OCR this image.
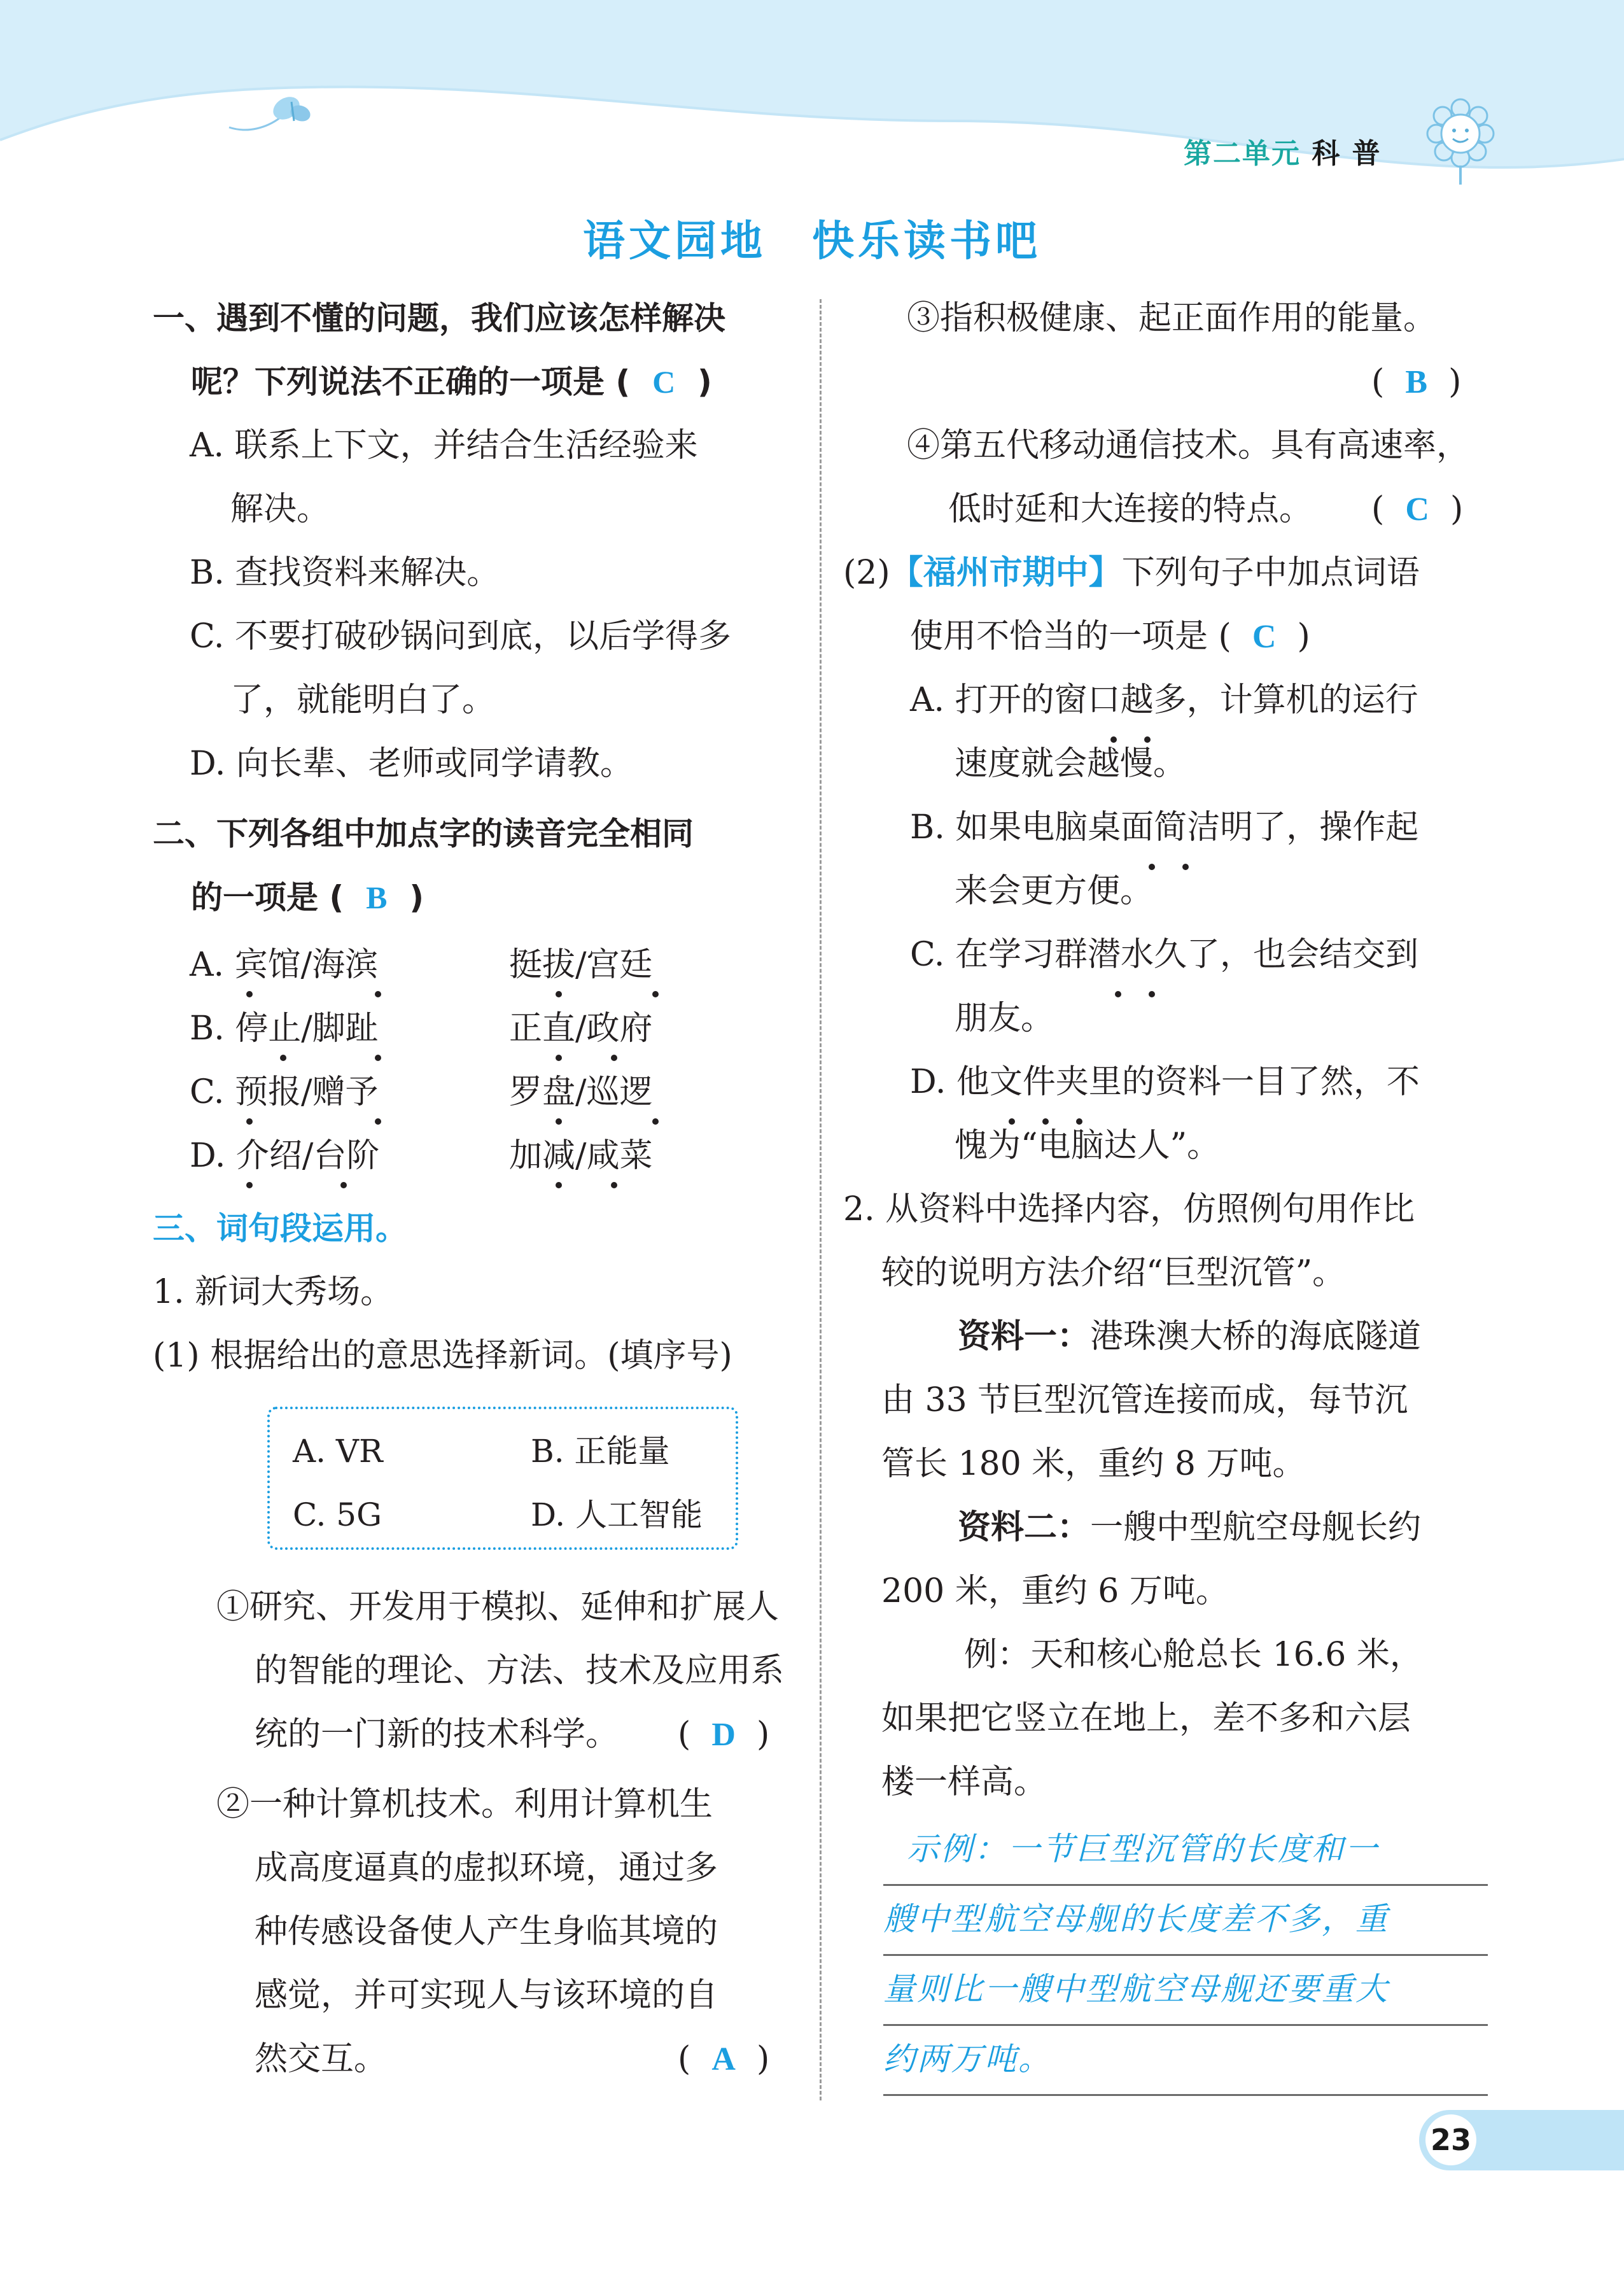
第二单元 科 普
语文园地　快乐读书吧
一、遇到不懂的问题，我们应该怎样解决
呢？下列说法不正确的一项是 (  C  )
A. 联系上下文，并结合生活经验来
解决。
B. 查找资料来解决。
C. 不要打破砂锅问到底，以后学得多
了，就能明白了。
D. 向长辈、老师或同学请教。
二、下列各组中加点字的读音完全相同
的一项是 (  B  )
A. 宾馆/海滨	挺拔/宫廷
B. 停止/脚趾	正直/政府
C. 预报/赠予	罗盘/巡逻
D. 介绍/台阶	加减/咸菜
三、词句段运用。
1. 新词大秀场。
(1) 根据给出的意思选择新词。(填序号)
A. VR	B. 正能量
C. 5G	D. 人工智能
①研究、开发用于模拟、延伸和扩展人
的智能的理论、方法、技术及应用系
统的一门新的技术科学。 (  D  )
②一种计算机技术。利用计算机生
成高度逼真的虚拟环境，通过多
种传感设备使人产生身临其境的
感觉，并可实现人与该环境的自
然交互。	(  A  )
③指积极健康、起正面作用的能量。
(  B  )
④第五代移动通信技术。具有高速率，
低时延和大连接的特点。 (  C  )
(2)【福州市期中】下列句子中加点词语
使用不恰当的一项是 (  C  )
A. 打开的窗口越多，计算机的运行
速度就会越慢。
B. 如果电脑桌面简洁明了，操作起
来会更方便。
C. 在学习群潜水久了，也会结交到
朋友。
D. 他文件夹里的资料一目了然，不
愧为“电脑达人”。
2. 从资料中选择内容，仿照例句用作比
较的说明方法介绍“巨型沉管”。
资料一：港珠澳大桥的海底隧道
由 33 节巨型沉管连接而成，每节沉
管长 180 米，重约 8 万吨。
资料二：一艘中型航空母舰长约
200 米，重约 6 万吨。
例：天和核心舱总长 16.6 米，
如果把它竖立在地上，差不多和六层
楼一样高。
示例：一节巨型沉管的长度和一
艘中型航空母舰的长度差不多，重
量则比一艘中型航空母舰还要重大
约两万吨。
23
